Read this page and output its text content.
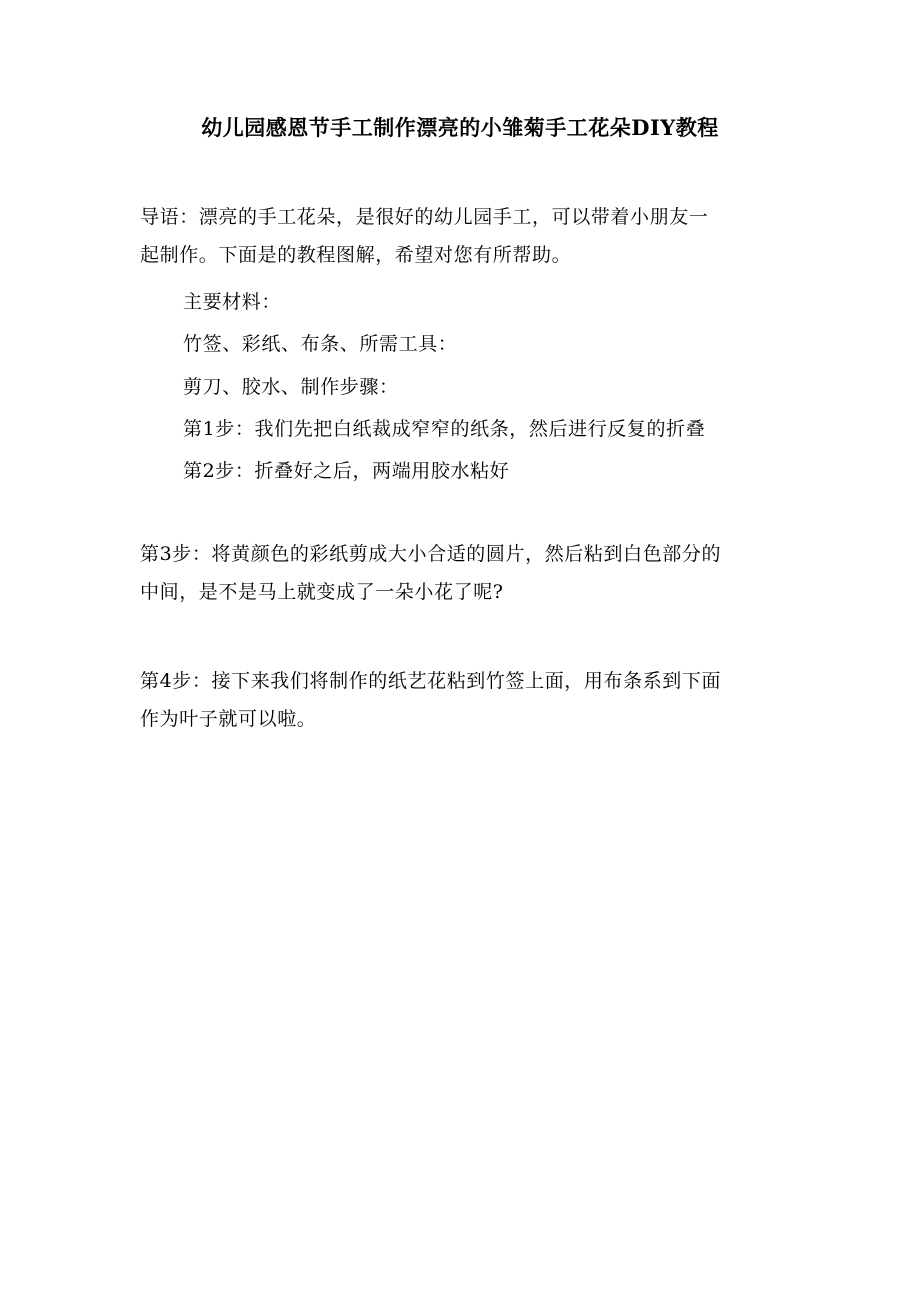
幼儿园感恩节手工制作漂亮的小雏菊手工花朵DIY教程
导语：漂亮的手工花朵，是很好的幼儿园手工，可以带着小朋友一
起制作。下面是的教程图解，希望对您有所帮助。
主要材料：
竹签、彩纸、布条、所需工具：
剪刀、胶水、制作步骤：
第1步：我们先把白纸裁成窄窄的纸条，然后进行反复的折叠
第2步：折叠好之后，两端用胶水粘好
第3步：将黄颜色的彩纸剪成大小合适的圆片，然后粘到白色部分的
中间，是不是马上就变成了一朵小花了呢?
第4步：接下来我们将制作的纸艺花粘到竹签上面，用布条系到下面
作为叶子就可以啦。
